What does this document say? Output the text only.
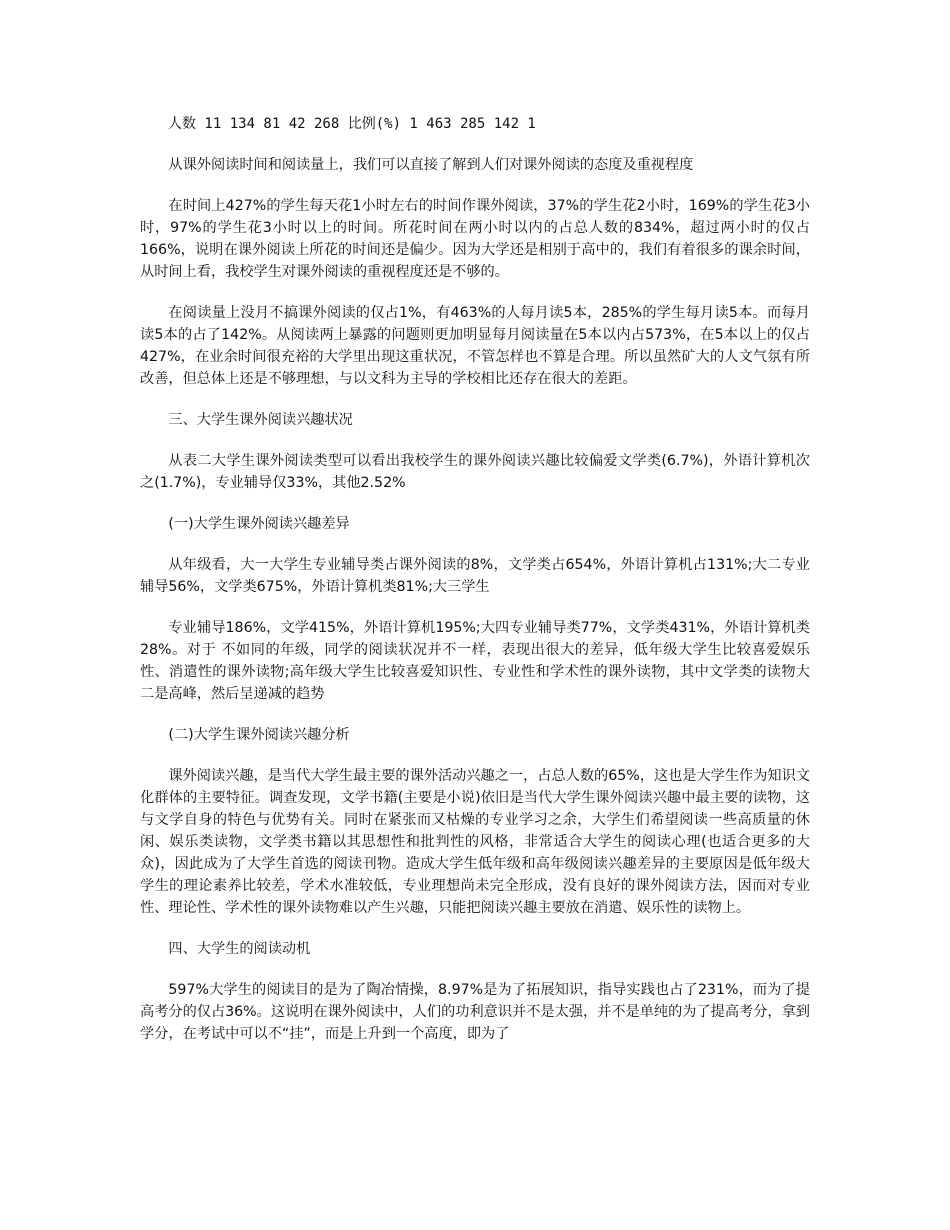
人数 11 134 81 42 268 比例(%) 1 463 285 142 1

从课外阅读时间和阅读量上，我们可以直接了解到人们对课外阅读的态度及重视程度

在时间上427%的学生每天花1小时左右的时间作课外阅读，37%的学生花2小时，169%的学生花3小时，97%的学生花3小时以上的时间。所花时间在两小时以内的占总人数的834%，超过两小时的仅占166%，说明在课外阅读上所花的时间还是偏少。因为大学还是相别于高中的，我们有着很多的课余时间，从时间上看，我校学生对课外阅读的重视程度还是不够的。

在阅读量上没月不搞课外阅读的仅占1%，有463%的人每月读5本，285%的学生每月读5本。而每月读5本的占了142%。从阅读两上暴露的问题则更加明显每月阅读量在5本以内占573%，在5本以上的仅占427%，在业余时间很充裕的大学里出现这重状况，不管怎样也不算是合理。所以虽然矿大的人文气氛有所改善，但总体上还是不够理想，与以文科为主导的学校相比还存在很大的差距。

三、大学生课外阅读兴趣状况

从表二大学生课外阅读类型可以看出我校学生的课外阅读兴趣比较偏爱文学类(6.7%)，外语计算机次之(1.7%)，专业辅导仅33%，其他2.52%

(一)大学生课外阅读兴趣差异

从年级看，大一大学生专业辅导类占课外阅读的8%，文学类占654%，外语计算机占131%;大二专业辅导56%，文学类675%，外语计算机类81%;大三学生

专业辅导186%，文学415%，外语计算机195%;大四专业辅导类77%，文学类431%，外语计算机类28%。对于 不如同的年级，同学的阅读状况并不一样，表现出很大的差异，低年级大学生比较喜爱娱乐性、消遣性的课外读物;高年级大学生比较喜爱知识性、专业性和学术性的课外读物，其中文学类的读物大二是高峰，然后呈递减的趋势

(二)大学生课外阅读兴趣分析

课外阅读兴趣，是当代大学生最主要的课外活动兴趣之一，占总人数的65%，这也是大学生作为知识文化群体的主要特征。调查发现，文学书籍(主要是小说)依旧是当代大学生课外阅读兴趣中最主要的读物，这与文学自身的特色与优势有关。同时在紧张而又枯燥的专业学习之余，大学生们希望阅读一些高质量的休闲、娱乐类读物，文学类书籍以其思想性和批判性的风格，非常适合大学生的阅读心理(也适合更多的大众)，因此成为了大学生首选的阅读刊物。造成大学生低年级和高年级阅读兴趣差异的主要原因是低年级大学生的理论素养比较差，学术水准较低，专业理想尚未完全形成，没有良好的课外阅读方法，因而对专业性、理论性、学术性的课外读物难以产生兴趣，只能把阅读兴趣主要放在消遣、娱乐性的读物上。

四、大学生的阅读动机

597%大学生的阅读目的是为了陶冶情操，8.97%是为了拓展知识，指导实践也占了231%，而为了提高考分的仅占36%。这说明在课外阅读中，人们的功利意识并不是太强，并不是单纯的为了提高考分，拿到学分，在考试中可以不“挂”，而是上升到一个高度，即为了
